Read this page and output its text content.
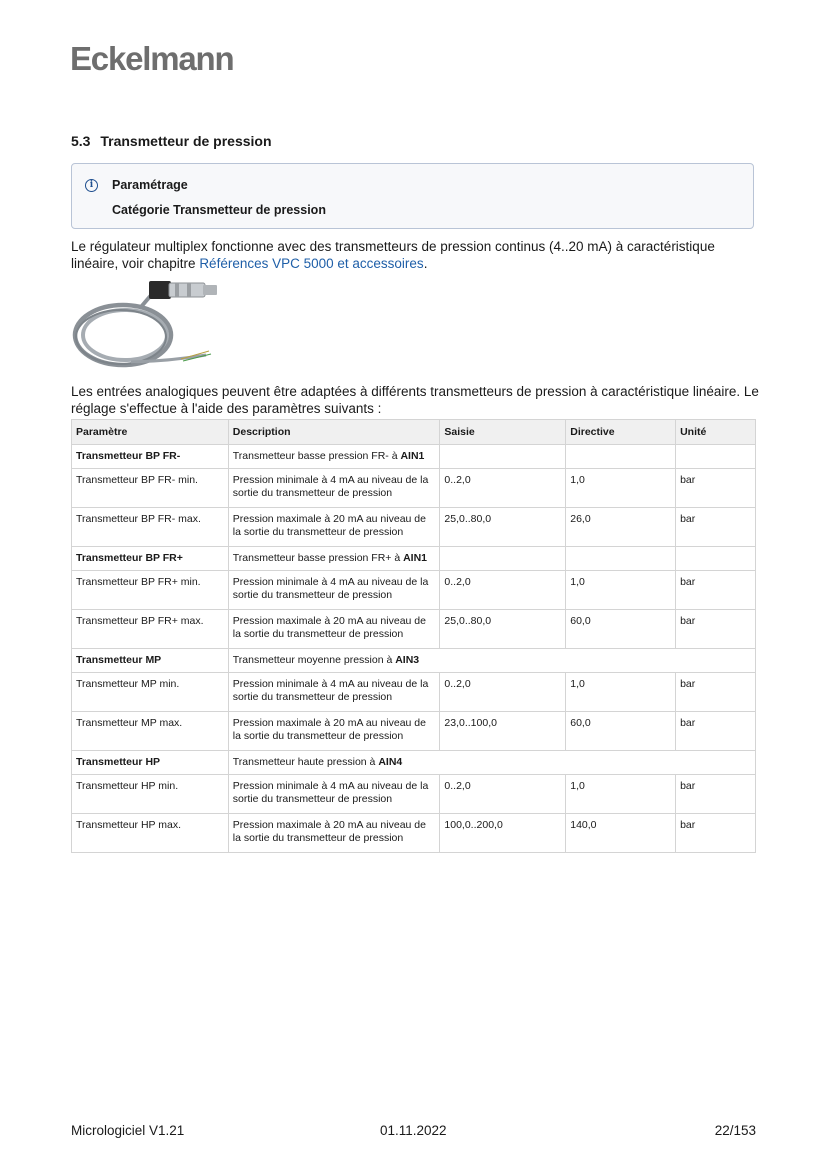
Eckelmann
5.3 Transmetteur de pression
i	Paramétrage
Catégorie Transmetteur de pression
Le régulateur multiplex fonctionne avec des transmetteurs de pression continus (4..20 mA) à caractéristique linéaire, voir chapitre Références VPC 5000 et accessoires.
Les entrées analogiques peuvent être adaptées à différents transmetteurs de pression à caractéristique linéaire. Le réglage s'effectue à l'aide des paramètres suivants :
Paramètre	Description	Saisie	Directive	Unité
Transmetteur BP FR-	Transmetteur basse pression FR- à AIN1			
Transmetteur BP FR- min.	Pression minimale à 4 mA au niveau de la sortie du transmetteur de pression	0..2,0	1,0	bar
Transmetteur BP FR- max.	Pression maximale à 20 mA au niveau de la sortie du transmetteur de pression	25,0..80,0	26,0	bar
Transmetteur BP FR+	Transmetteur basse pression FR+ à AIN1			
Transmetteur BP FR+ min.	Pression minimale à 4 mA au niveau de la sortie du transmetteur de pression	0..2,0	1,0	bar
Transmetteur BP FR+ max.	Pression maximale à 20 mA au niveau de la sortie du transmetteur de pression	25,0..80,0	60,0	bar
Transmetteur MP	Transmetteur moyenne pression à AIN3			
Transmetteur MP min.	Pression minimale à 4 mA au niveau de la sortie du transmetteur de pression	0..2,0	1,0	bar
Transmetteur MP max.	Pression maximale à 20 mA au niveau de la sortie du transmetteur de pression	23,0..100,0	60,0	bar
Transmetteur HP	Transmetteur haute pression à AIN4			
Transmetteur HP min.	Pression minimale à 4 mA au niveau de la sortie du transmetteur de pression	0..2,0	1,0	bar
Transmetteur HP max.	Pression maximale à 20 mA au niveau de la sortie du transmetteur de pression	100,0..200,0	140,0	bar
Micrologiciel V1.21	01.11.2022	22/153
